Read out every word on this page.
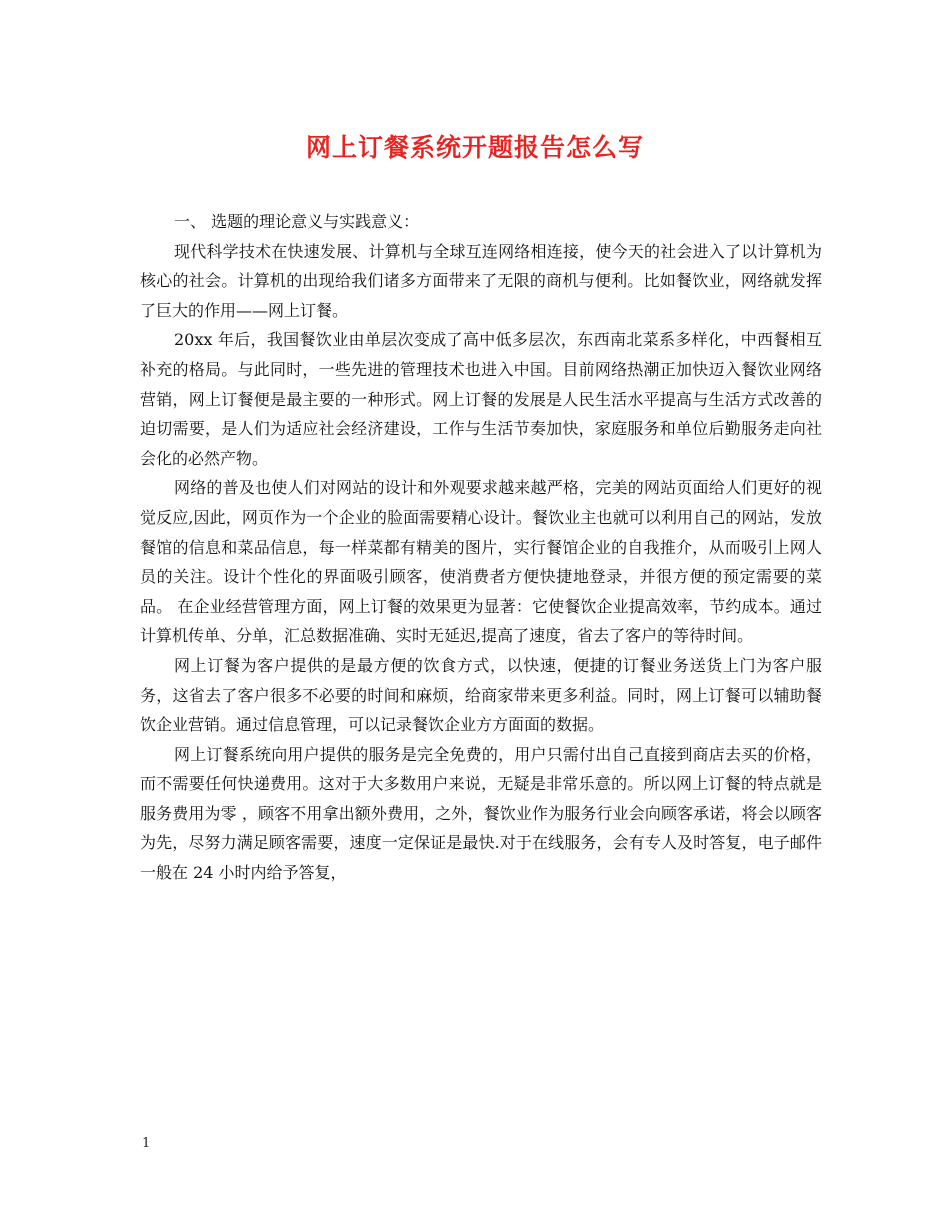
网上订餐系统开题报告怎么写

一、 选题的理论意义与实践意义：

现代科学技术在快速发展、计算机与全球互连网络相连接，使今天的社会进入了以计算机为核心的社会。计算机的出现给我们诸多方面带来了无限的商机与便利。比如餐饮业，网络就发挥了巨大的作用——网上订餐。

20xx 年后，我国餐饮业由单层次变成了高中低多层次，东西南北菜系多样化，中西餐相互补充的格局。与此同时，一些先进的管理技术也进入中国。目前网络热潮正加快迈入餐饮业网络营销，网上订餐便是最主要的一种形式。网上订餐的发展是人民生活水平提高与生活方式改善的迫切需要，是人们为适应社会经济建设，工作与生活节奏加快，家庭服务和单位后勤服务走向社会化的必然产物。

网络的普及也使人们对网站的设计和外观要求越来越严格，完美的网站页面给人们更好的视觉反应,因此，网页作为一个企业的脸面需要精心设计。餐饮业主也就可以利用自己的网站，发放餐馆的信息和菜品信息，每一样菜都有精美的图片，实行餐馆企业的自我推介，从而吸引上网人员的关注。设计个性化的界面吸引顾客，使消费者方便快捷地登录，并很方便的预定需要的菜品。 在企业经营管理方面，网上订餐的效果更为显著：它使餐饮企业提高效率，节约成本。通过计算机传单、分单，汇总数据准确、实时无延迟,提高了速度，省去了客户的等待时间。

网上订餐为客户提供的是最方便的饮食方式，以快速，便捷的订餐业务送货上门为客户服务，这省去了客户很多不必要的时间和麻烦，给商家带来更多利益。同时，网上订餐可以辅助餐饮企业营销。通过信息管理，可以记录餐饮企业方方面面的数据。

网上订餐系统向用户提供的服务是完全免费的，用户只需付出自己直接到商店去买的价格，而不需要任何快递费用。这对于大多数用户来说，无疑是非常乐意的。所以网上订餐的特点就是服务费用为零 ，顾客不用拿出额外费用，之外，餐饮业作为服务行业会向顾客承诺，将会以顾客为先，尽努力满足顾客需要，速度一定保证是最快.对于在线服务，会有专人及时答复，电子邮件一般在 24 小时内给予答复，

1
